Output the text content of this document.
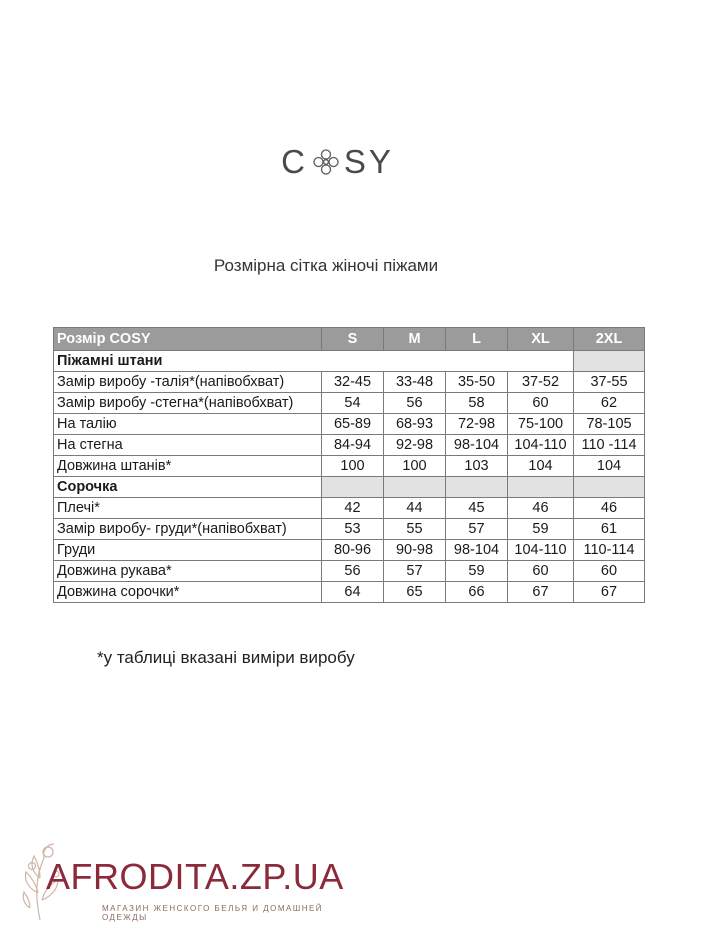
C SY
Розмірна сітка жіночі піжами
Розмір COSY	S	M	L	XL	2XL
Піжамні штани					
Замір виробу -талія*(напівобхват)	32-45	33-48	35-50	37-52	37-55
Замір виробу -стегна*(напівобхват)	54	56	58	60	62
На талію	65-89	68-93	72-98	75-100	78-105
На стегна	84-94	92-98	98-104	104-110	110 -114
Довжина штанів*	100	100	103	104	104
Сорочка					
Плечі*	42	44	45	46	46
Замір виробу- груди*(напівобхват)	53	55	57	59	61
Груди	80-96	90-98	98-104	104-110	110-114
Довжина рукава*	56	57	59	60	60
Довжина сорочки*	64	65	66	67	67
*у таблиці вказані виміри виробу
AFRODITA.ZP.UA
МАГАЗИН ЖЕНСКОГО БЕЛЬЯ И ДОМАШНЕЙ ОДЕЖДЫ
